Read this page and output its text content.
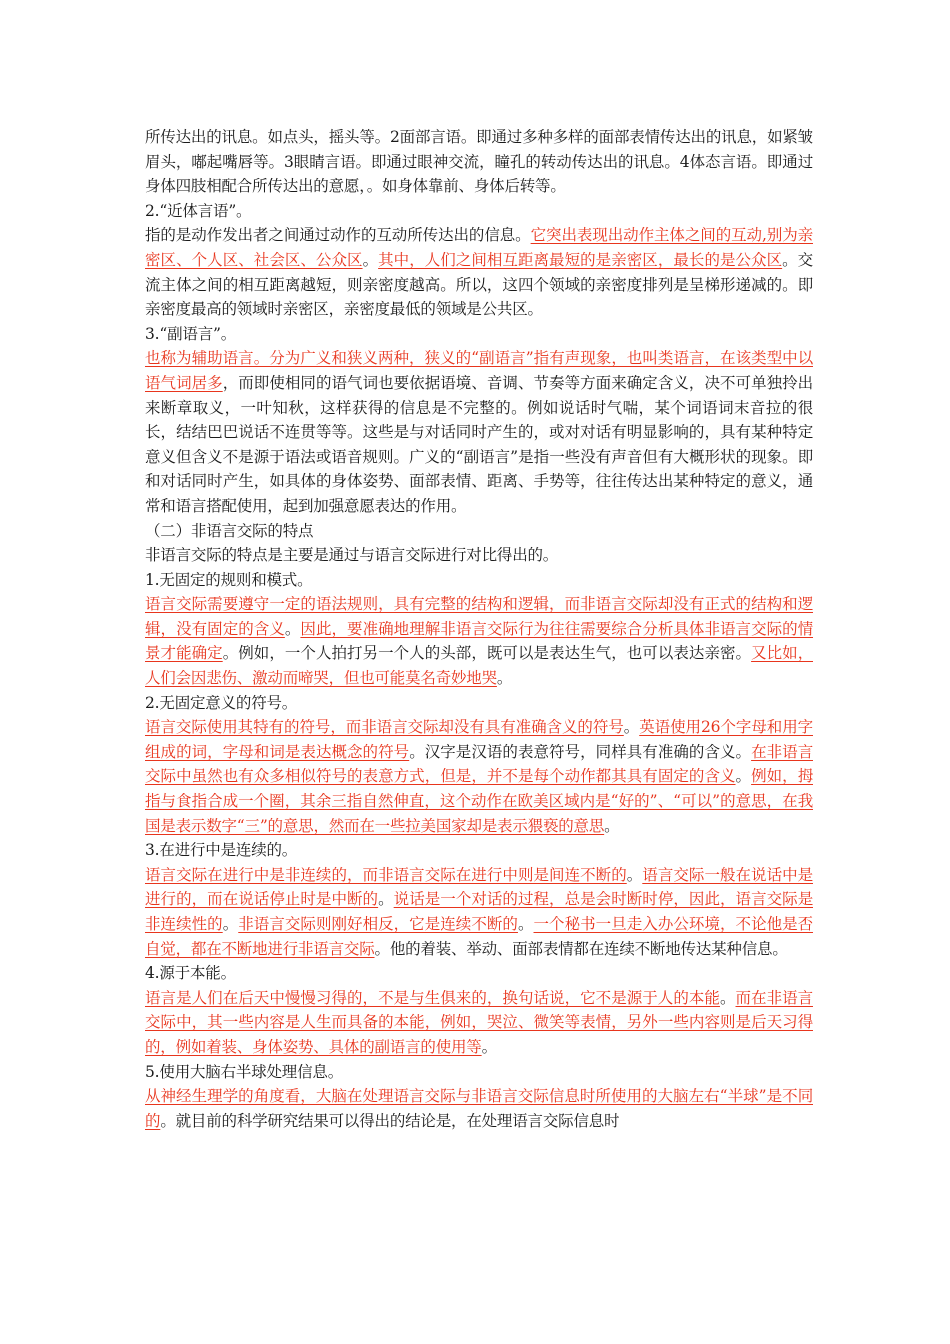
所传达出的讯息。如点头，摇头等。2面部言语。即通过多种多样的面部表情传达出的讯息，如紧皱眉头，嘟起嘴唇等。3眼睛言语。即通过眼神交流，瞳孔的转动传达出的讯息。4体态言语。即通过身体四肢相配合所传达出的意愿，。如身体靠前、身体后转等。

2.“近体言语”。

指的是动作发出者之间通过动作的互动所传达出的信息。它突出表现出动作主体之间的互动,别为亲密区、个人区、社会区、公众区。其中，人们之间相互距离最短的是亲密区，最长的是公众区。交流主体之间的相互距离越短，则亲密度越高。所以，这四个领域的亲密度排列是呈梯形递减的。即亲密度最高的领域时亲密区，亲密度最低的领域是公共区。

3.“副语言”。

也称为辅助语言。分为广义和狭义两种，狭义的“副语言”指有声现象，也叫类语言，在该类型中以语气词居多，而即使相同的语气词也要依据语境、音调、节奏等方面来确定含义，决不可单独拎出来断章取义，一叶知秋，这样获得的信息是不完整的。例如说话时气喘，某个词语词末音拉的很长，结结巴巴说话不连贯等等。这些是与对话同时产生的，或对对话有明显影响的，具有某种特定意义但含义不是源于语法或语音规则。广义的“副语言”是指一些没有声音但有大概形状的现象。即和对话同时产生，如具体的身体姿势、面部表情、距离、手势等，往往传达出某种特定的意义，通常和语言搭配使用，起到加强意愿表达的作用。

（二）非语言交际的特点

非语言交际的特点是主要是通过与语言交际进行对比得出的。

1.无固定的规则和模式。

语言交际需要遵守一定的语法规则，具有完整的结构和逻辑，而非语言交际却没有正式的结构和逻辑，没有固定的含义。因此，要准确地理解非语言交际行为往往需要综合分析具体非语言交际的情景才能确定。例如，一个人拍打另一个人的头部，既可以是表达生气，也可以表达亲密。又比如，人们会因悲伤、激动而啼哭，但也可能莫名奇妙地哭。

2.无固定意义的符号。

语言交际使用其特有的符号，而非语言交际却没有具有准确含义的符号。英语使用26个字母和用字组成的词，字母和词是表达概念的符号。汉字是汉语的表意符号，同样具有准确的含义。在非语言交际中虽然也有众多相似符号的表意方式，但是，并不是每个动作都其具有固定的含义。例如，拇指与食指合成一个圈，其余三指自然伸直，这个动作在欧美区域内是“好的”、“可以”的意思，在我国是表示数字“三”的意思，然而在一些拉美国家却是表示猥亵的意思。

3.在进行中是连续的。

语言交际在进行中是非连续的，而非语言交际在进行中则是间连不断的。语言交际一般在说话中是进行的，而在说话停止时是中断的。说话是一个对话的过程，总是会时断时停，因此，语言交际是非连续性的。非语言交际则刚好相反，它是连续不断的。一个秘书一旦走入办公环境，不论他是否自觉，都在不断地进行非语言交际。他的着装、举动、面部表情都在连续不断地传达某种信息。

4.源于本能。

语言是人们在后天中慢慢习得的，不是与生俱来的，换句话说，它不是源于人的本能。而在非语言交际中，其一些内容是人生而具备的本能，例如，哭泣、微笑等表情，另外一些内容则是后天习得的，例如着装、身体姿势、具体的副语言的使用等。

5.使用大脑右半球处理信息。

从神经生理学的角度看，大脑在处理语言交际与非语言交际信息时所使用的大脑左右“半球”是不同的。就目前的科学研究结果可以得出的结论是，在处理语言交际信息时
